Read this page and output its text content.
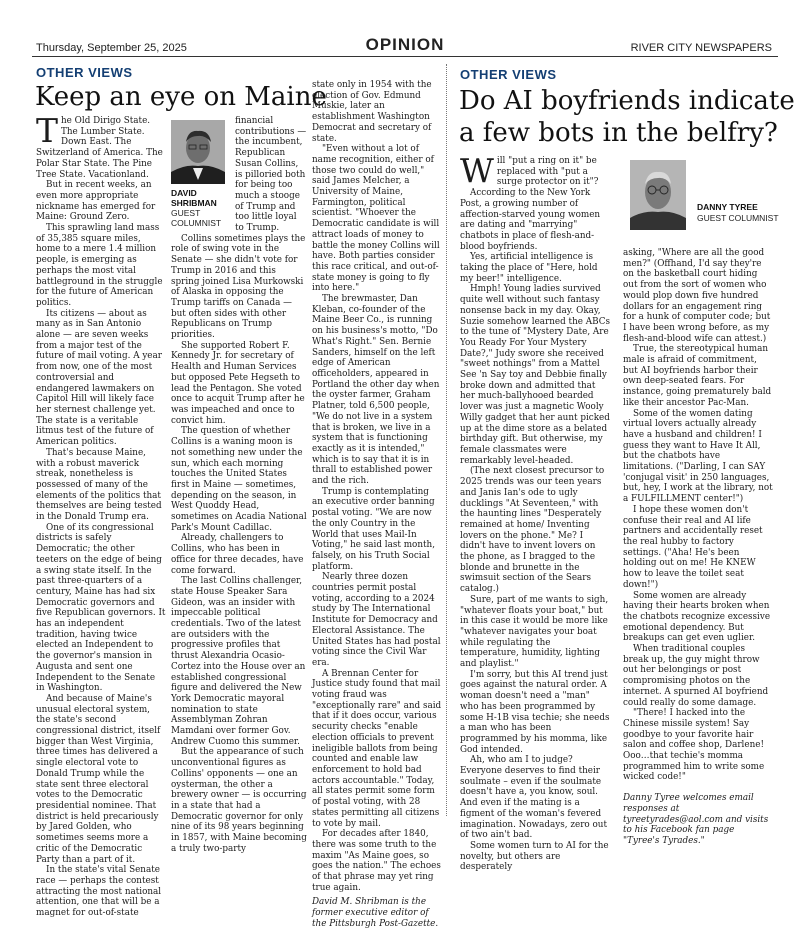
Thursday, September 25, 2025	OPINION	RIVER CITY NEWSPAPERS
OTHER VIEWS
Keep an eye on Maine

The Old Dirigo State. The Lumber State. Down East. The Switzerland of America. The Polar Star State. The Pine Tree State. Vacationland.

But in recent weeks, an even more appropriate nickname has emerged for Maine: Ground Zero.

This sprawling land mass of 35,385 square miles, home to a mere 1.4 million people, is emerging as perhaps the most vital battleground in the struggle for the future of American politics.

Its citizens — about as many as in San Antonio alone — are seven weeks from a major test of the future of mail voting. A year from now, one of the most controversial and endangered lawmakers on Capitol Hill will likely face her sternest challenge yet. The state is a veritable litmus test of the future of American politics.

That's because Maine, with a robust maverick streak, nonetheless is possessed of many of the elements of the politics that themselves are being tested in the Donald Trump era.

One of its congressional districts is safely Democratic; the other teeters on the edge of being a swing state itself. In the past three-quarters of a century, Maine has had six Democratic governors and five Republican governors. It has an independent tradition, having twice elected an Independent to the governor's mansion in Augusta and sent one Independent to the Senate in Washington.

And because of Maine's unusual electoral system, the state's second congressional district, itself bigger than West Virginia, three times has delivered a single electoral vote to Donald Trump while the state sent three electoral votes to the Democratic presidential nominee. That district is held precariously by Jared Golden, who sometimes seems more a critic of the Democratic Party than a part of it.

In the state's vital Senate race — perhaps the contest attracting the most national attention, one that will be a magnet for out-of-state

DAVID
SHRIBMAN
GUEST
COLUMNIST

financial contributions — the incumbent, Republican Susan Collins, is pilloried both for being too much a stooge of Trump and too little loyal to Trump.

Collins sometimes plays the role of swing vote in the Senate — she didn't vote for Trump in 2016 and this spring joined Lisa Murkowski of Alaska in opposing the Trump tariffs on Canada — but often sides with other Republicans on Trump priorities.

She supported Robert F. Kennedy Jr. for secretary of Health and Human Services but opposed Pete Hegseth to lead the Pentagon. She voted once to acquit Trump after he was impeached and once to convict him.

The question of whether Collins is a waning moon is not something new under the sun, which each morning touches the United States first in Maine — sometimes, depending on the season, in West Quoddy Head, sometimes on Acadia National Park's Mount Cadillac.

Already, challengers to Collins, who has been in office for three decades, have come forward.

The last Collins challenger, state House Speaker Sara Gideon, was an insider with impeccable political credentials. Two of the latest are outsiders with the progressive profiles that thrust Alexandria Ocasio-Cortez into the House over an established congressional figure and delivered the New York Democratic mayoral nomination to state Assemblyman Zohran Mamdani over former Gov. Andrew Cuomo this summer.

But the appearance of such unconventional figures as Collins' opponents — one an oysterman, the other a brewery owner — is occurring in a state that had a Democratic governor for only nine of its 98 years beginning in 1857, with Maine becoming a truly two-party

state only in 1954 with the election of Gov. Edmund Muskie, later an establishment Washington Democrat and secretary of state.

"Even without a lot of name recognition, either of those two could do well," said James Melcher, a University of Maine, Farmington, political scientist. "Whoever the Democratic candidate is will attract loads of money to battle the money Collins will have. Both parties consider this race critical, and out-of-state money is going to fly into here."

The brewmaster, Dan Kleban, co-founder of the Maine Beer Co., is running on his business's motto, "Do What's Right." Sen. Bernie Sanders, himself on the left edge of American officeholders, appeared in Portland the other day when the oyster farmer, Graham Platner, told 6,500 people, "We do not live in a system that is broken, we live in a system that is functioning exactly as it is intended," which is to say that it is in thrall to established power and the rich.

Trump is contemplating an executive order banning postal voting. "We are now the only Country in the World that uses Mail-In Voting," he said last month, falsely, on his Truth Social platform.

Nearly three dozen countries permit postal voting, according to a 2024 study by The International Institute for Democracy and Electoral Assistance. The United States has had postal voting since the Civil War era.

A Brennan Center for Justice study found that mail voting fraud was "exceptionally rare" and said that if it does occur, various security checks "enable election officials to prevent ineligible ballots from being counted and enable law enforcement to hold bad actors accountable." Today, all states permit some form of postal voting, with 28 states permitting all citizens to vote by mail.

For decades after 1840, there was some truth to the maxim "As Maine goes, so goes the nation." The echoes of that phrase may yet ring true again.

David M. Shribman is the former executive editor of the Pittsburgh Post-Gazette.

OTHER VIEWS
Do AI boyfriends indicate
a few bots in the belfry?

Will "put a ring on it" be replaced with "put a surge protector on it"?

According to the New York Post, a growing number of affection-starved young women are dating and "marrying" chatbots in place of flesh-and-blood boyfriends.

Yes, artificial intelligence is taking the place of "Here, hold my beer!" intelligence.

Hmph! Young ladies survived quite well without such fantasy nonsense back in my day. Okay, Suzie somehow learned the ABCs to the tune of "Mystery Date, Are You Ready For Your Mystery Date?," Judy swore she received "sweet nothings" from a Mattel See 'n Say toy and Debbie finally broke down and admitted that her much-ballyhooed bearded lover was just a magnetic Wooly Willy gadget that her aunt picked up at the dime store as a belated birthday gift. But otherwise, my female classmates were remarkably level-headed.

(The next closest precursor to 2025 trends was our teen years and Janis Ian's ode to ugly ducklings "At Seventeen," with the haunting lines "Desperately remained at home/ Inventing lovers on the phone." Me? I didn't have to invent lovers on the phone, as I bragged to the blonde and brunette in the swimsuit section of the Sears catalog.)

Sure, part of me wants to sigh, "whatever floats your boat," but in this case it would be more like "whatever navigates your boat while regulating the temperature, humidity, lighting and playlist."

I'm sorry, but this AI trend just goes against the natural order. A woman doesn't need a "man" who has been programmed by some H-1B visa techie; she needs a man who has been programmed by his momma, like God intended.

Ah, who am I to judge? Everyone deserves to find their soulmate – even if the soulmate doesn't have a, you know, soul. And even if the mating is a figment of the woman's fevered imagination. Nowadays, zero out of two ain't bad.

Some women turn to AI for the novelty, but others are desperately

DANNY TYREE
GUEST COLUMNIST

asking, "Where are all the good men?" (Offhand, I'd say they're on the basketball court hiding out from the sort of women who would plop down five hundred dollars for an engagement ring for a hunk of computer code; but I have been wrong before, as my flesh-and-blood wife can attest.)

True, the stereotypical human male is afraid of commitment, but AI boyfriends harbor their own deep-seated fears. For instance, going prematurely bald like their ancestor Pac-Man.

Some of the women dating virtual lovers actually already have a husband and children! I guess they want to Have It All, but the chatbots have limitations. ("Darling, I can SAY 'conjugal visit' in 250 languages, but, hey, I work at the library, not a FULFILLMENT center!")

I hope these women don't confuse their real and AI life partners and accidentally reset the real hubby to factory settings. ("Aha! He's been holding out on me! He KNEW how to leave the toilet seat down!")

Some women are already having their hearts broken when the chatbots recognize excessive emotional dependency. But breakups can get even uglier.

When traditional couples break up, the guy might throw out her belongings or post compromising photos on the internet. A spurned AI boyfriend could really do some damage.

"There! I hacked into the Chinese missile system! Say goodbye to your favorite hair salon and coffee shop, Darlene! Ooo…that techie's momma programmed him to write some wicked code!"

Danny Tyree welcomes email responses at tyreetyrades@aol.com and visits to his Facebook fan page "Tyree's Tyrades."
